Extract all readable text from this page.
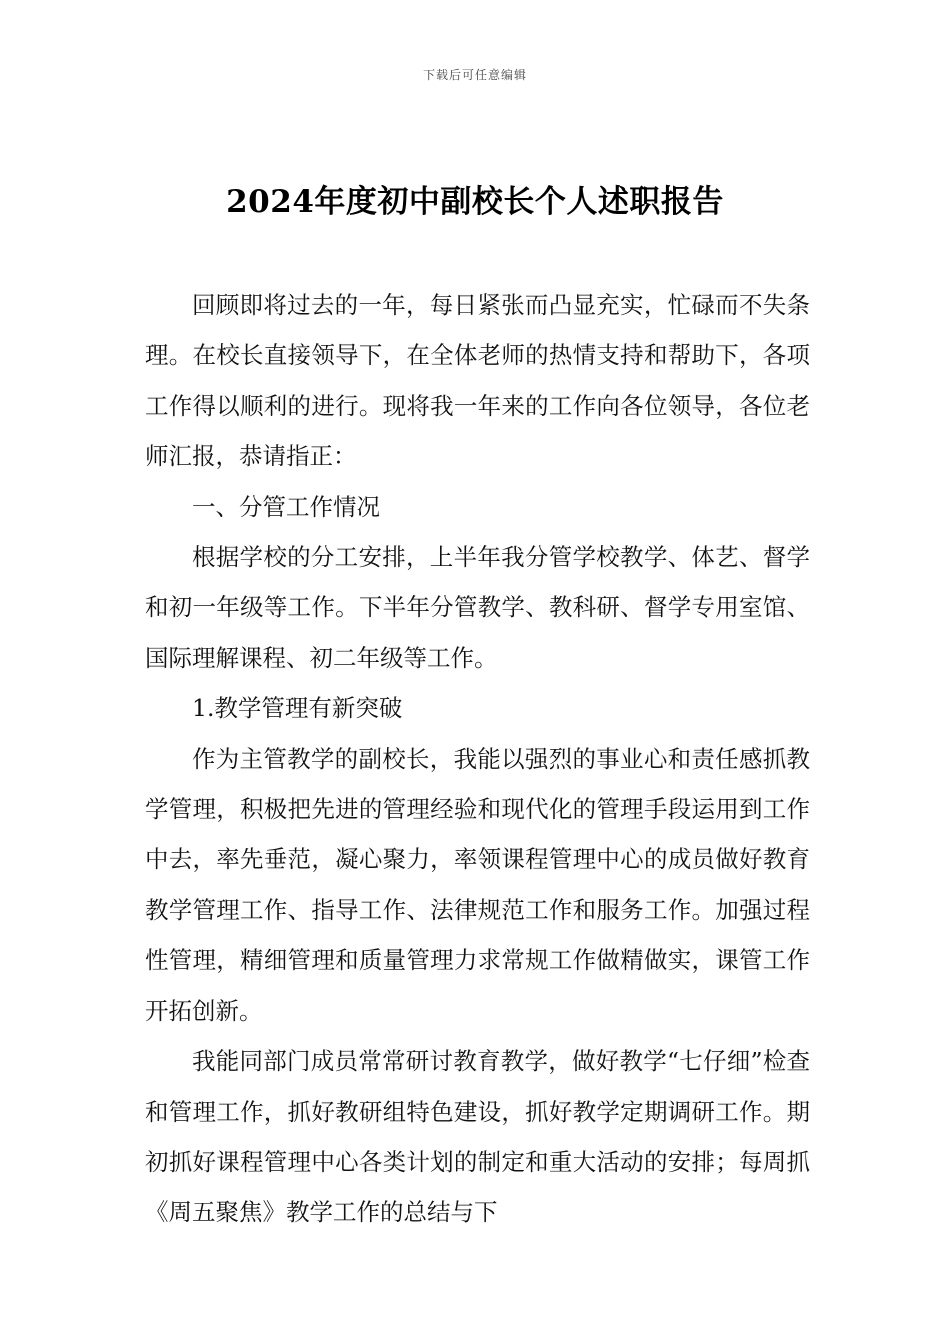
下载后可任意编辑
2024年度初中副校长个人述职报告

回顾即将过去的一年，每日紧张而凸显充实，忙碌而不失条理。在校长直接领导下，在全体老师的热情支持和帮助下，各项工作得以顺利的进行。现将我一年来的工作向各位领导，各位老师汇报，恭请指正：

一、分管工作情况

根据学校的分工安排，上半年我分管学校教学、体艺、督学和初一年级等工作。下半年分管教学、教科研、督学专用室馆、国际理解课程、初二年级等工作。

1.教学管理有新突破

作为主管教学的副校长，我能以强烈的事业心和责任感抓教学管理，积极把先进的管理经验和现代化的管理手段运用到工作中去，率先垂范，凝心聚力，率领课程管理中心的成员做好教育教学管理工作、指导工作、法律规范工作和服务工作。加强过程性管理，精细管理和质量管理力求常规工作做精做实，课管工作开拓创新。

我能同部门成员常常研讨教育教学，做好教学“七仔细”检查和管理工作，抓好教研组特色建设，抓好教学定期调研工作。期初抓好课程管理中心各类计划的制定和重大活动的安排；每周抓《周五聚焦》教学工作的总结与下
